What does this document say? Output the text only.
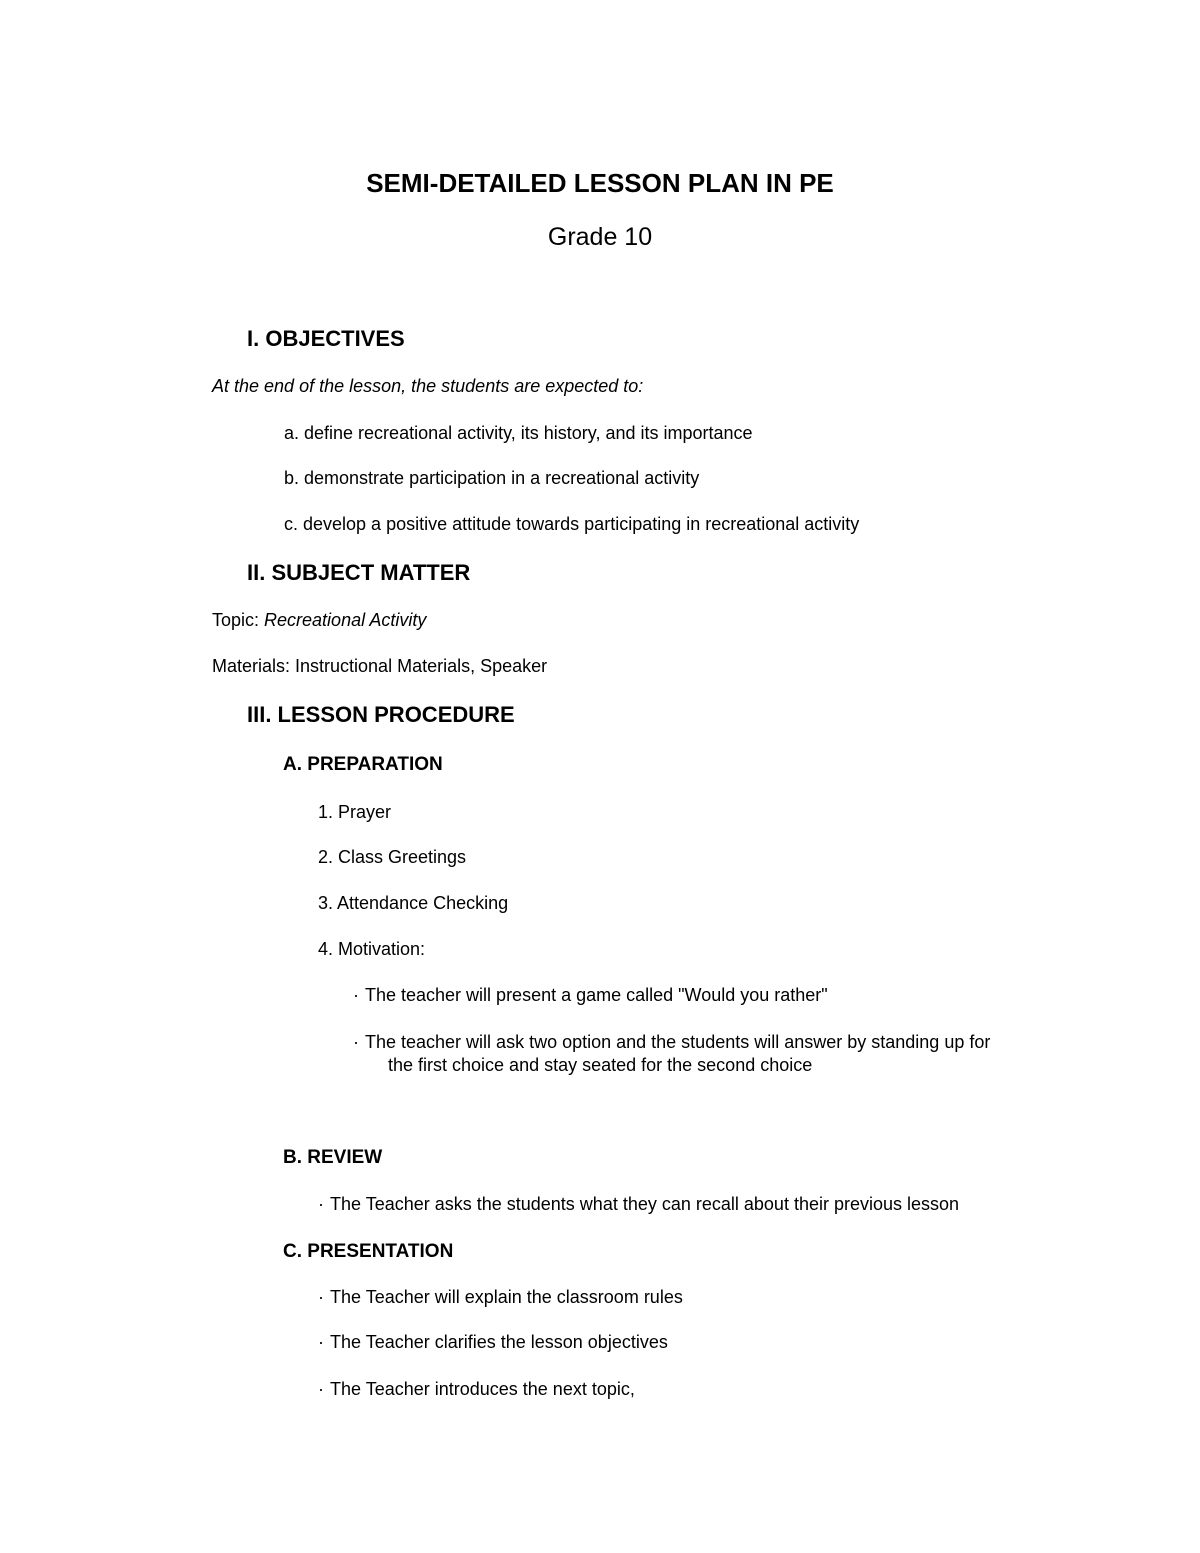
SEMI-DETAILED LESSON PLAN IN PE
Grade 10
I. OBJECTIVES
At the end of the lesson, the students are expected to:
a. define recreational activity, its history, and its importance
b. demonstrate participation in a recreational activity
c. develop a positive attitude towards participating in recreational activity
II. SUBJECT MATTER
Topic: Recreational Activity
Materials: Instructional Materials, Speaker
III. LESSON PROCEDURE
A. PREPARATION
1. Prayer
2. Class Greetings
3. Attendance Checking
4. Motivation:
· The teacher will present a game called "Would you rather"
· The teacher will ask two option and the students will answer by standing up for
the first choice and stay seated for the second choice
B. REVIEW
· The Teacher asks the students what they can recall about their previous lesson
C. PRESENTATION
· The Teacher will explain the classroom rules
· The Teacher clarifies the lesson objectives
· The Teacher introduces the next topic,
